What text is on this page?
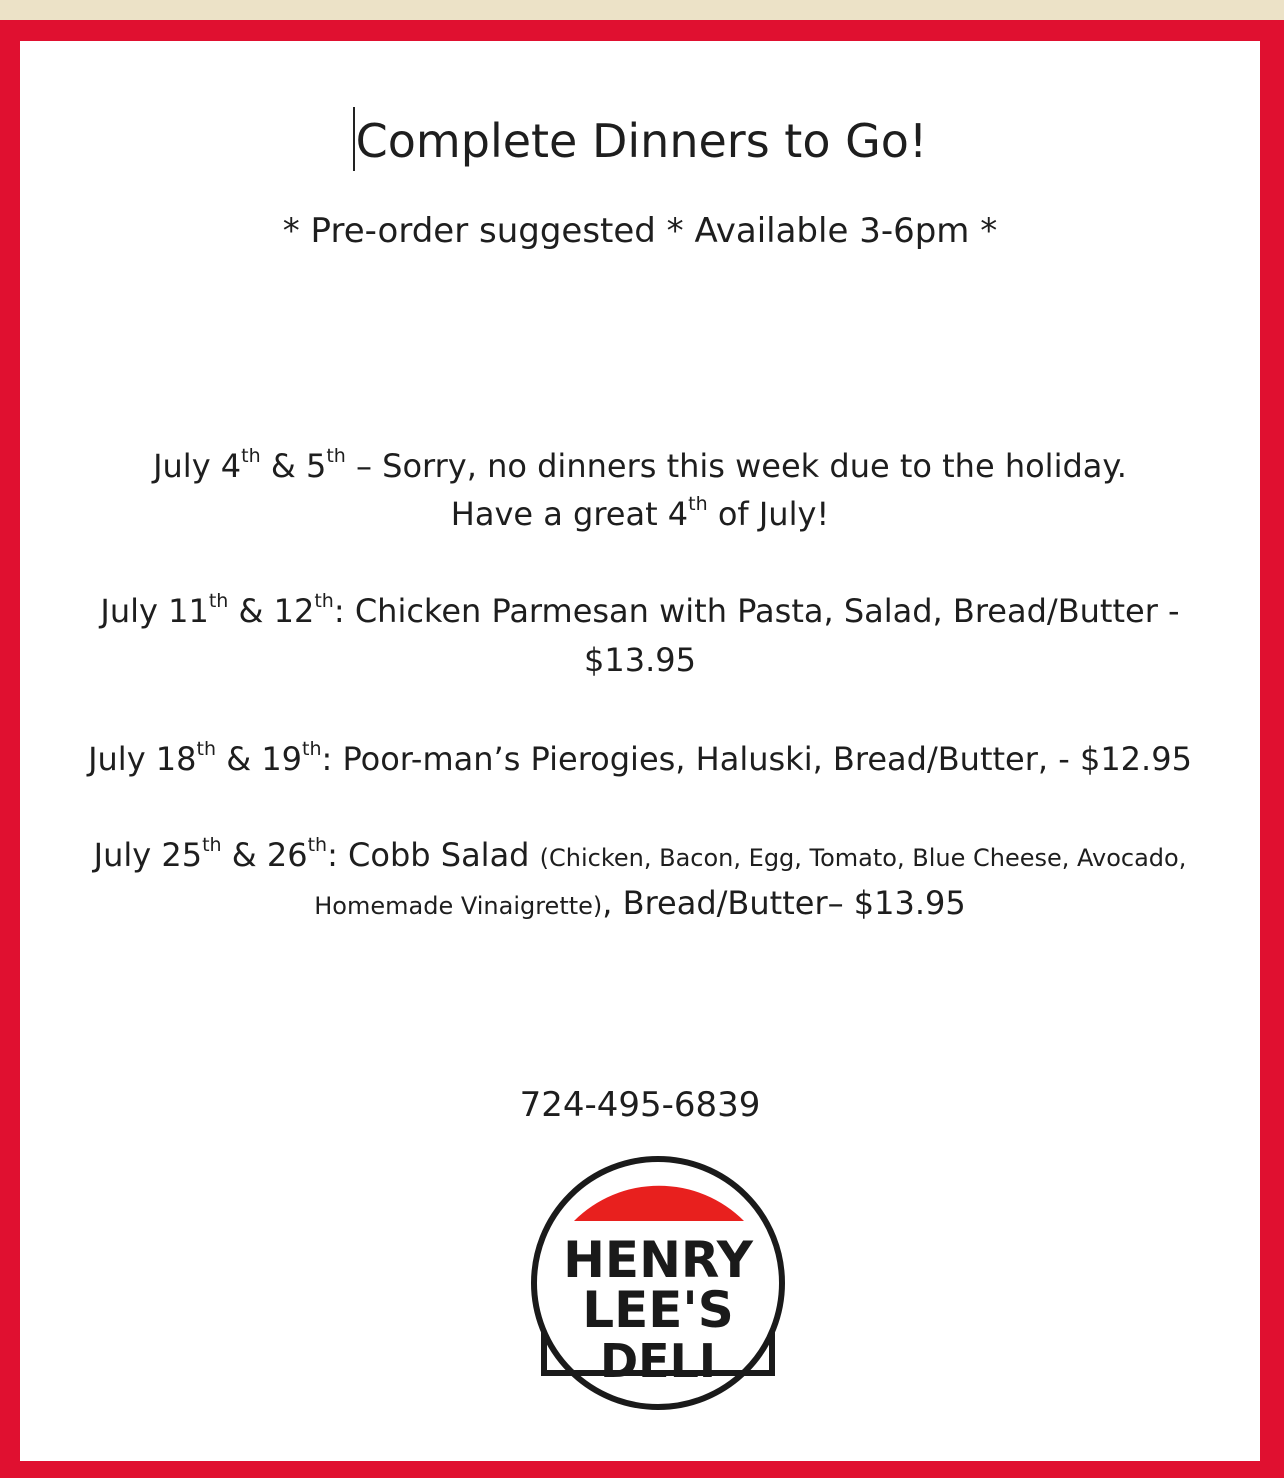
Complete Dinners to Go!
* Pre-order suggested * Available 3-6pm *
July 4th & 5th – Sorry, no dinners this week due to the holiday.
Have a great 4th of July!
July 11th & 12th: Chicken Parmesan with Pasta, Salad, Bread/Butter -
$13.95
July 18th & 19th: Poor-man’s Pierogies, Haluski, Bread/Butter, - $12.95
July 25th & 26th: Cobb Salad (Chicken, Bacon, Egg, Tomato, Blue Cheese, Avocado,
Homemade Vinaigrette), Bread/Butter– $13.95
724-495-6839
HENRY
LEE'S
DELI
